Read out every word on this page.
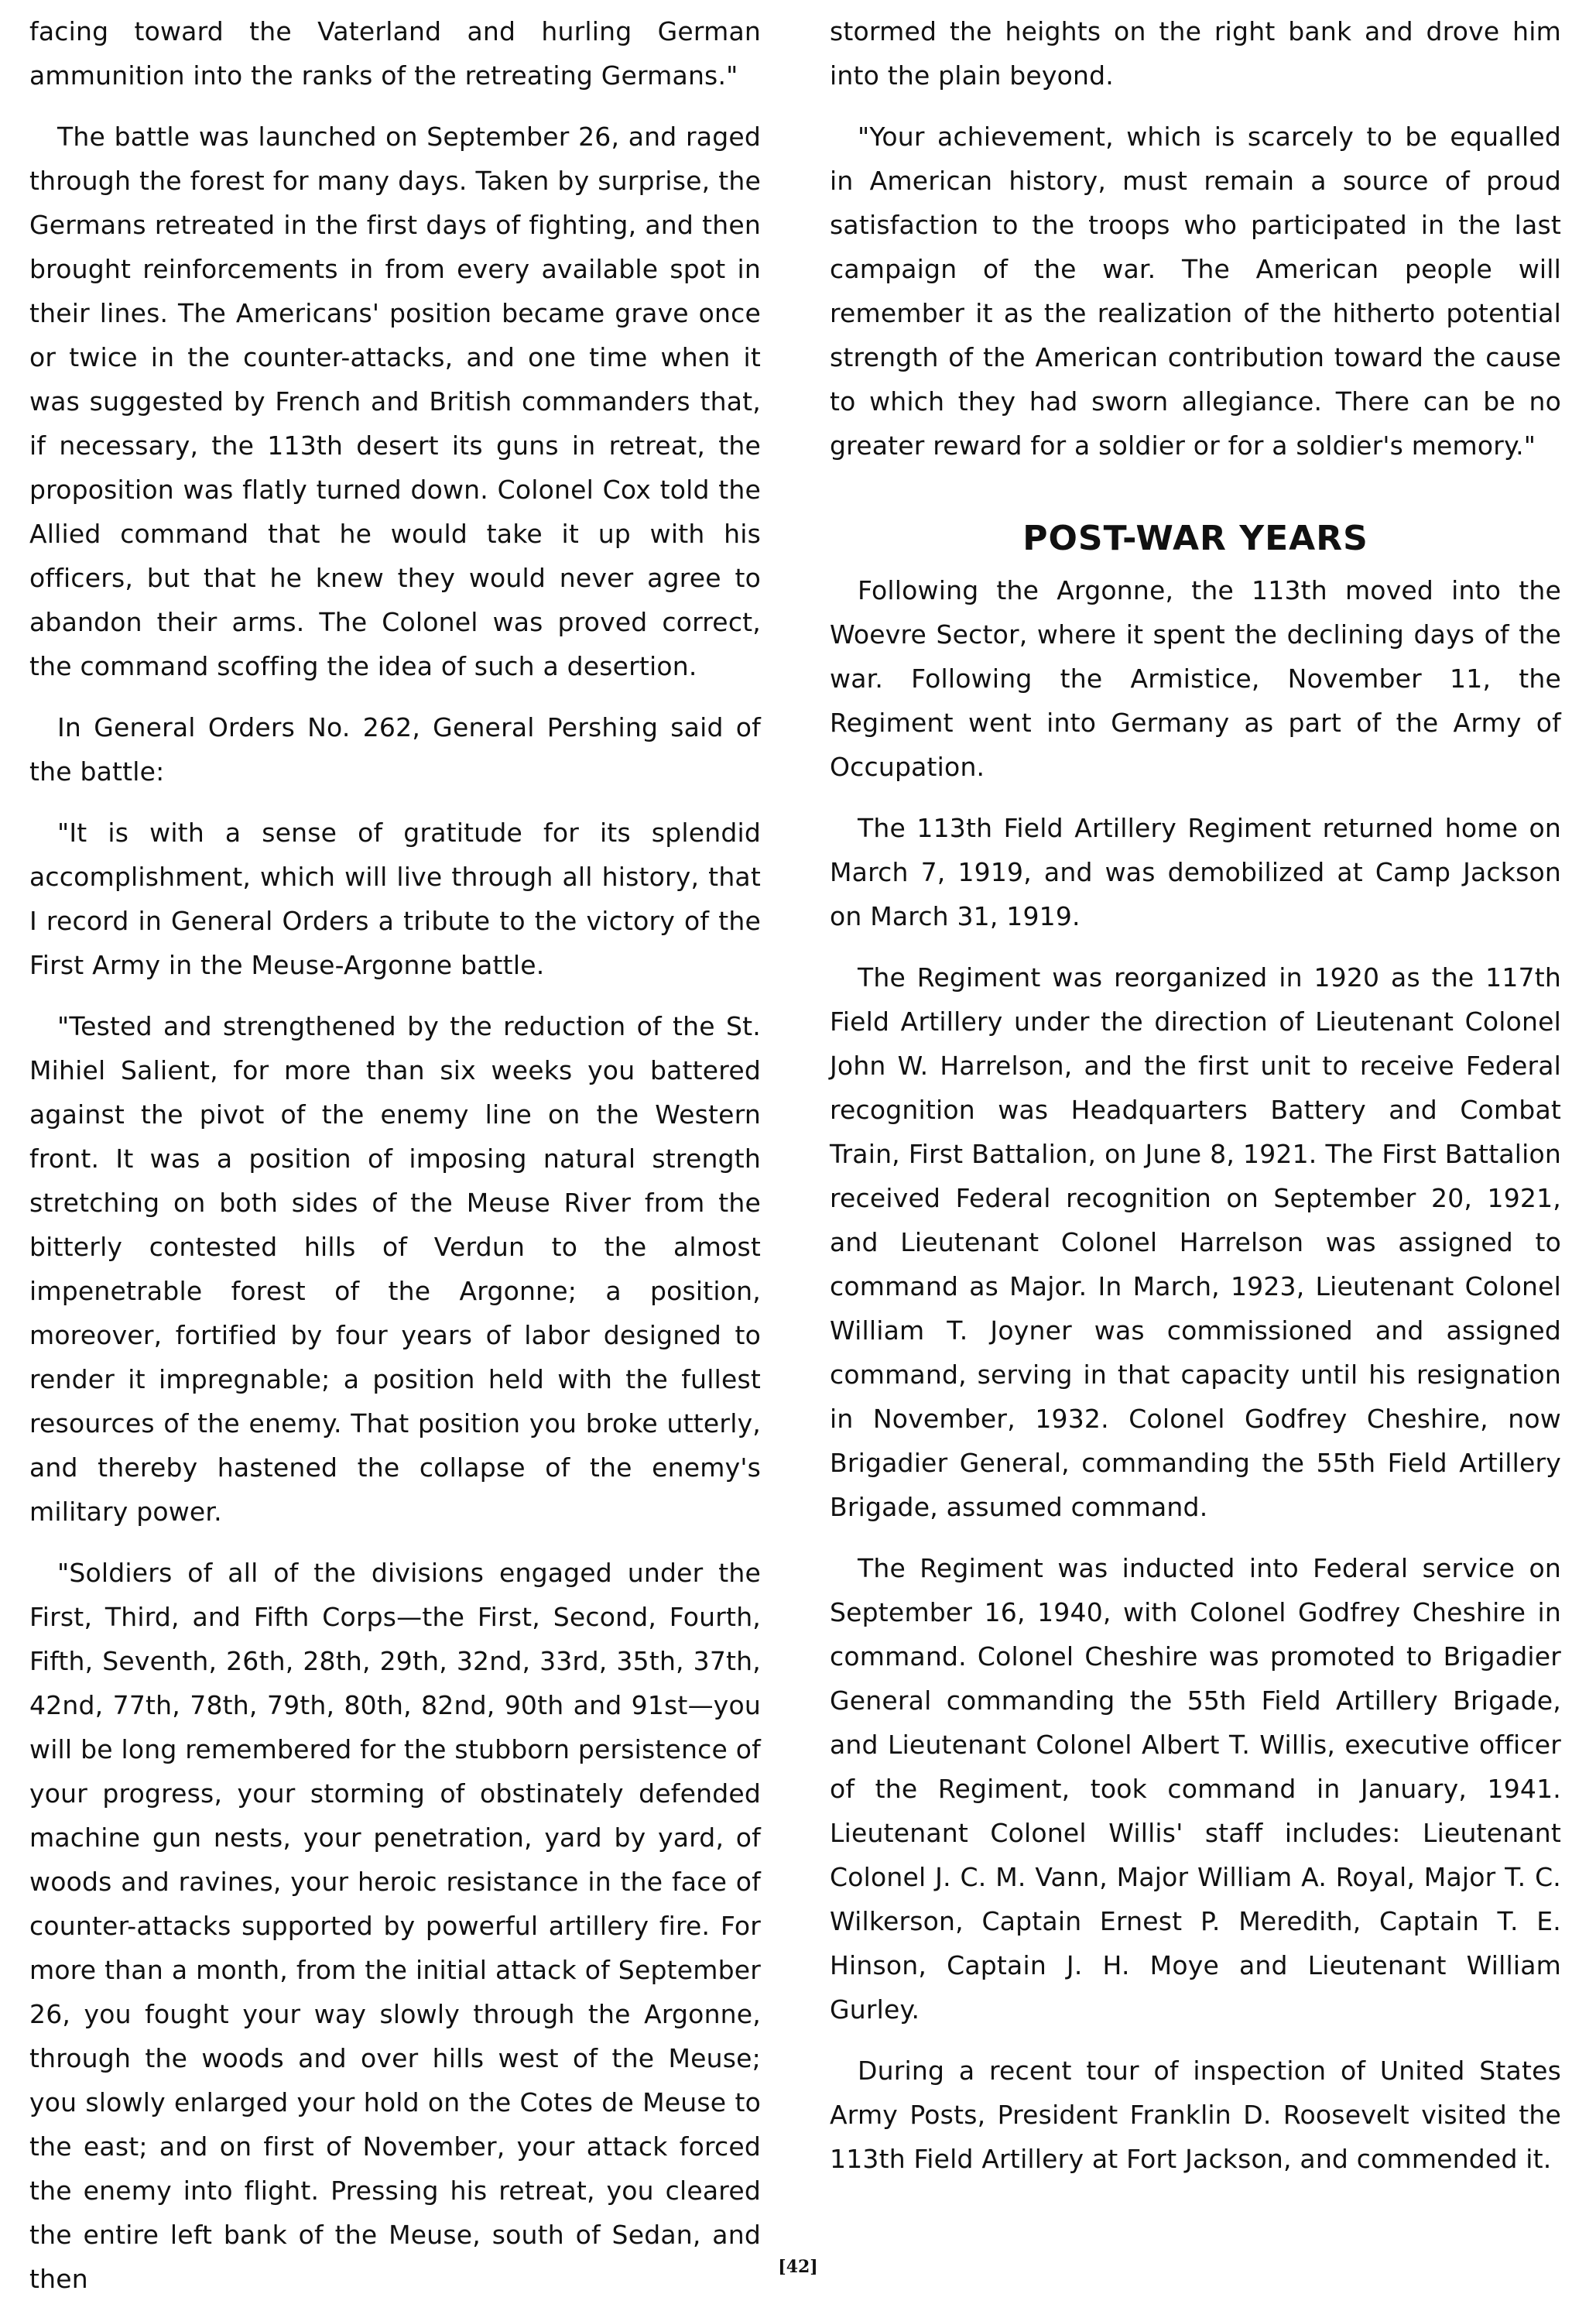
facing toward the Vaterland and hurling German ammunition into the ranks of the retreating Germans."

The battle was launched on September 26, and raged through the forest for many days. Taken by surprise, the Germans retreated in the first days of fighting, and then brought reinforcements in from every available spot in their lines. The Americans' position became grave once or twice in the counter-attacks, and one time when it was suggested by French and British commanders that, if necessary, the 113th desert its guns in retreat, the proposition was flatly turned down. Colonel Cox told the Allied command that he would take it up with his officers, but that he knew they would never agree to abandon their arms. The Colonel was proved correct, the command scoffing the idea of such a desertion.

In General Orders No. 262, General Pershing said of the battle:

"It is with a sense of gratitude for its splendid accomplishment, which will live through all history, that I record in General Orders a tribute to the victory of the First Army in the Meuse-Argonne battle.

"Tested and strengthened by the reduction of the St. Mihiel Salient, for more than six weeks you battered against the pivot of the enemy line on the Western front. It was a position of imposing natural strength stretching on both sides of the Meuse River from the bitterly contested hills of Verdun to the almost impenetrable forest of the Argonne; a position, moreover, fortified by four years of labor designed to render it impregnable; a position held with the fullest resources of the enemy. That position you broke utterly, and thereby hastened the collapse of the enemy's military power.

"Soldiers of all of the divisions engaged under the First, Third, and Fifth Corps—the First, Second, Fourth, Fifth, Seventh, 26th, 28th, 29th, 32nd, 33rd, 35th, 37th, 42nd, 77th, 78th, 79th, 80th, 82nd, 90th and 91st—you will be long remembered for the stubborn persistence of your progress, your storming of obstinately defended machine gun nests, your penetration, yard by yard, of woods and ravines, your heroic resistance in the face of counter-attacks supported by powerful artillery fire. For more than a month, from the initial attack of September 26, you fought your way slowly through the Argonne, through the woods and over hills west of the Meuse; you slowly enlarged your hold on the Cotes de Meuse to the east; and on first of November, your attack forced the enemy into flight. Pressing his retreat, you cleared the entire left bank of the Meuse, south of Sedan, and then

stormed the heights on the right bank and drove him into the plain beyond.

"Your achievement, which is scarcely to be equalled in American history, must remain a source of proud satisfaction to the troops who participated in the last campaign of the war. The American people will remember it as the realization of the hitherto potential strength of the American contribution toward the cause to which they had sworn allegiance. There can be no greater reward for a soldier or for a soldier's memory."

POST-WAR YEARS

Following the Argonne, the 113th moved into the Woevre Sector, where it spent the declining days of the war. Following the Armistice, November 11, the Regiment went into Germany as part of the Army of Occupation.

The 113th Field Artillery Regiment returned home on March 7, 1919, and was demobilized at Camp Jackson on March 31, 1919.

The Regiment was reorganized in 1920 as the 117th Field Artillery under the direction of Lieutenant Colonel John W. Harrelson, and the first unit to receive Federal recognition was Headquarters Battery and Combat Train, First Battalion, on June 8, 1921. The First Battalion received Federal recognition on September 20, 1921, and Lieutenant Colonel Harrelson was assigned to command as Major. In March, 1923, Lieutenant Colonel William T. Joyner was commissioned and assigned command, serving in that capacity until his resignation in November, 1932. Colonel Godfrey Cheshire, now Brigadier General, commanding the 55th Field Artillery Brigade, assumed command.

The Regiment was inducted into Federal service on September 16, 1940, with Colonel Godfrey Cheshire in command. Colonel Cheshire was promoted to Brigadier General commanding the 55th Field Artillery Brigade, and Lieutenant Colonel Albert T. Willis, executive officer of the Regiment, took command in January, 1941. Lieutenant Colonel Willis' staff includes: Lieutenant Colonel J. C. M. Vann, Major William A. Royal, Major T. C. Wilkerson, Captain Ernest P. Meredith, Captain T. E. Hinson, Captain J. H. Moye and Lieutenant William Gurley.

During a recent tour of inspection of United States Army Posts, President Franklin D. Roosevelt visited the 113th Field Artillery at Fort Jackson, and commended it.

[42]
